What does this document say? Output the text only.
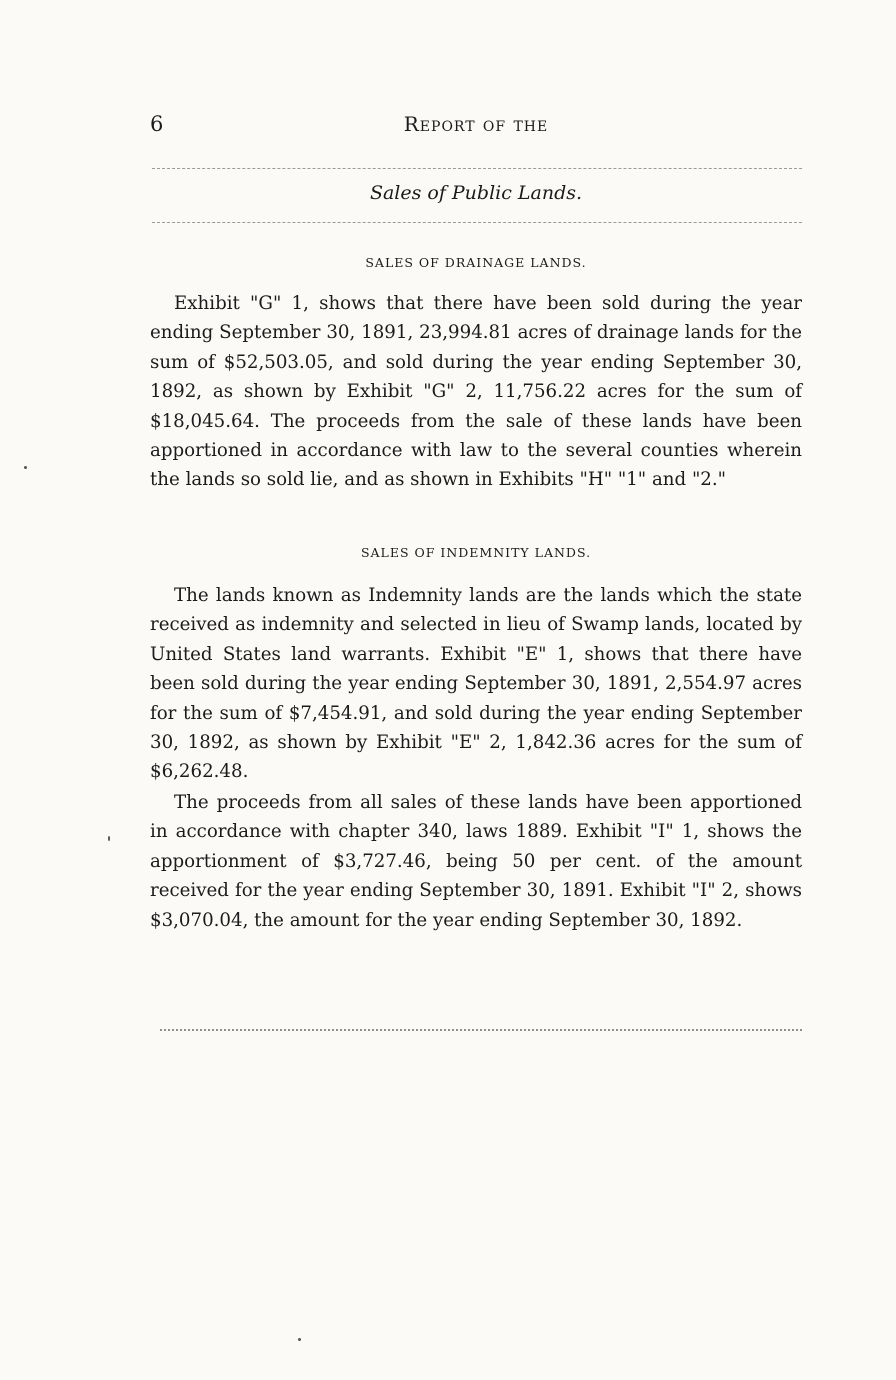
6	Report of the
Sales of Public Lands.
SALES OF DRAINAGE LANDS.

Exhibit "G" 1, shows that there have been sold during the year ending September 30, 1891, 23,994.81 acres of drainage lands for the sum of $52,503.05, and sold during the year ending September 30, 1892, as shown by Exhibit "G" 2, 11,756.22 acres for the sum of $18,045.64. The proceeds from the sale of these lands have been apportioned in accordance with law to the several counties wherein the lands so sold lie, and as shown in Exhibits "H" "1" and "2."

SALES OF INDEMNITY LANDS.

The lands known as Indemnity lands are the lands which the state received as indemnity and selected in lieu of Swamp lands, located by United States land warrants. Exhibit "E" 1, shows that there have been sold during the year ending September 30, 1891, 2,554.97 acres for the sum of $7,454.91, and sold during the year ending September 30, 1892, as shown by Exhibit "E" 2, 1,842.36 acres for the sum of $6,262.48.

The proceeds from all sales of these lands have been apportioned in accordance with chapter 340, laws 1889. Exhibit "I" 1, shows the apportionment of $3,727.46, being 50 per cent. of the amount received for the year ending September 30, 1891. Exhibit "I" 2, shows $3,070.04, the amount for the year ending September 30, 1892.
